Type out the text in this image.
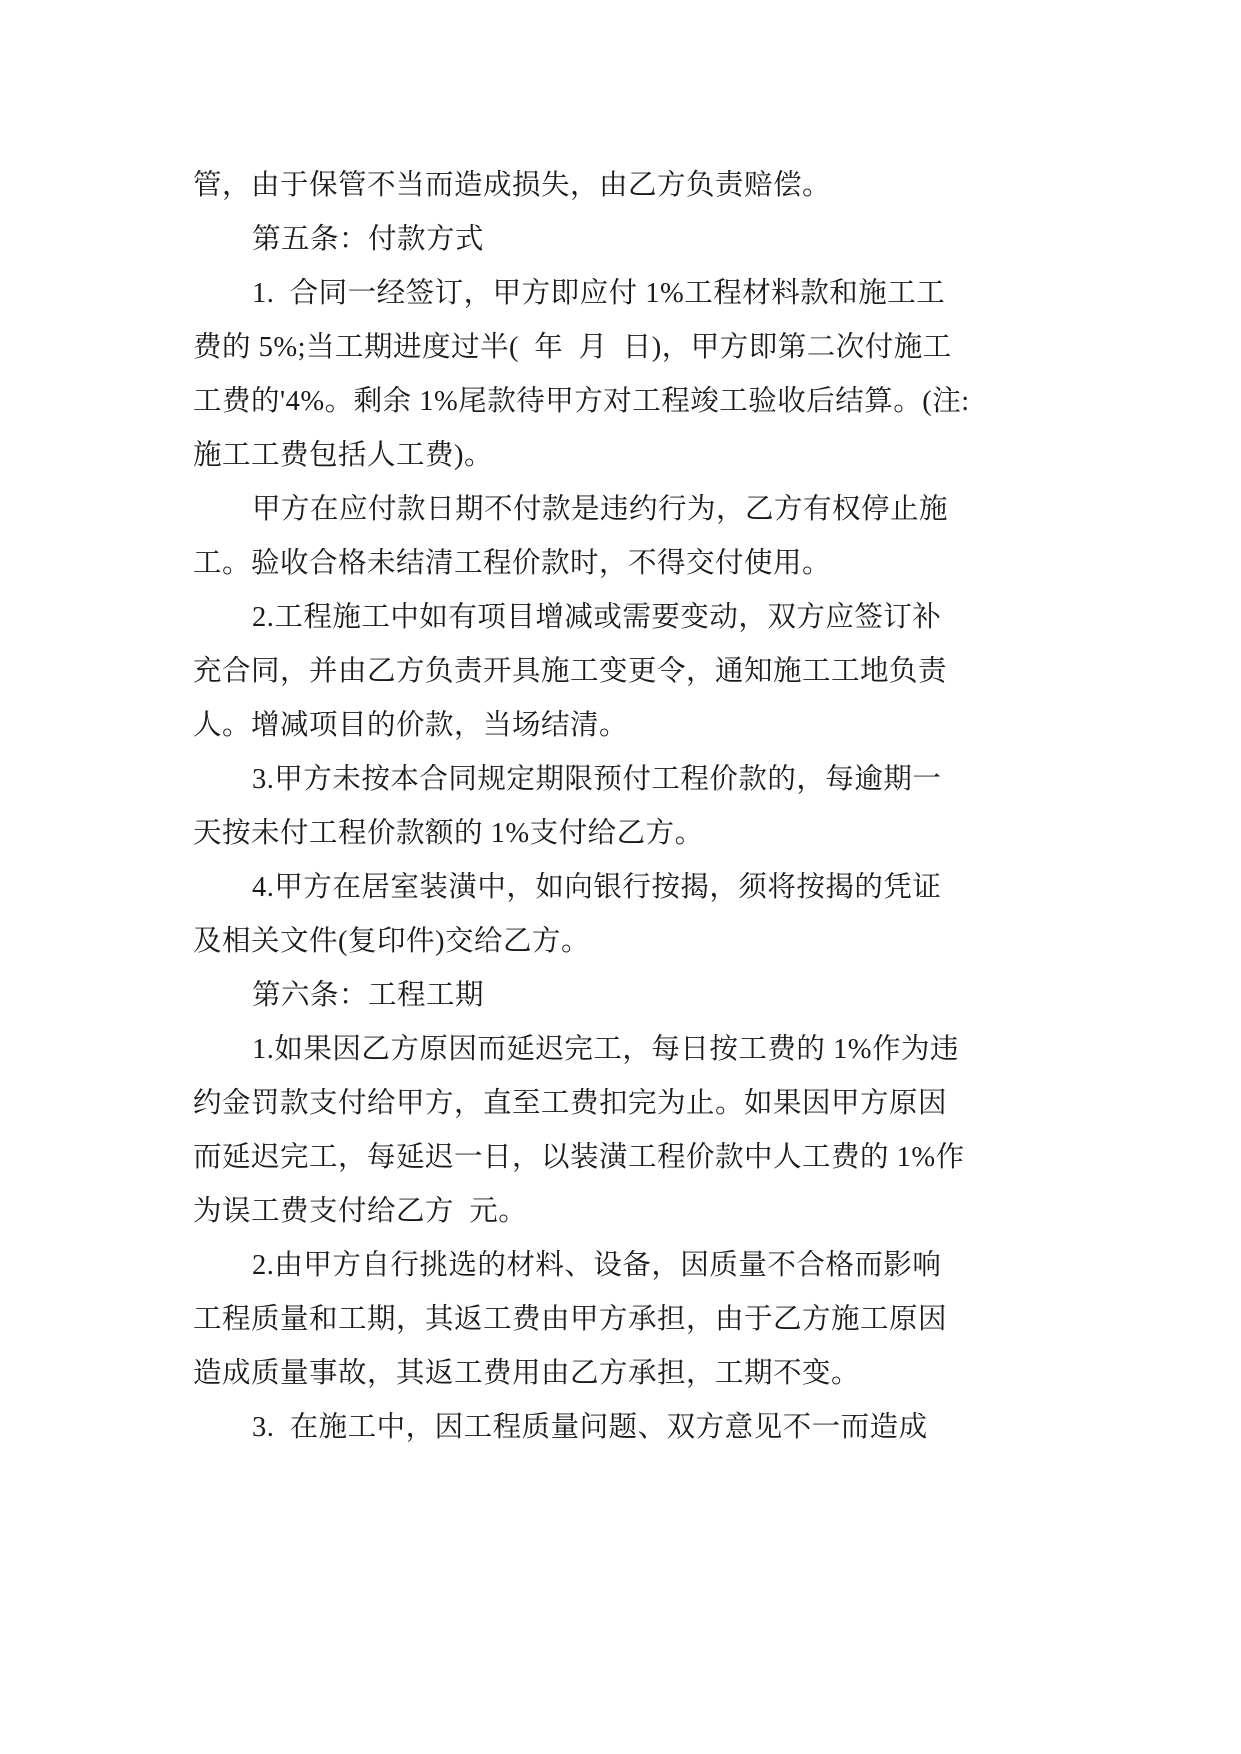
管，由于保管不当而造成损失，由乙方负责赔偿。

第五条：付款方式

1.  合同一经签订，甲方即应付 1%工程材料款和施工工

费的 5%;当工期进度过半(  年  月  日)，甲方即第二次付施工

工费的'4%。剩余 1%尾款待甲方对工程竣工验收后结算。(注:

施工工费包括人工费)。

甲方在应付款日期不付款是违约行为，乙方有权停止施

工。验收合格未结清工程价款时，不得交付使用。

2.工程施工中如有项目增减或需要变动，双方应签订补

充合同，并由乙方负责开具施工变更令，通知施工工地负责

人。增减项目的价款，当场结清。

3.甲方未按本合同规定期限预付工程价款的，每逾期一

天按未付工程价款额的 1%支付给乙方。

4.甲方在居室装潢中，如向银行按揭，须将按揭的凭证

及相关文件(复印件)交给乙方。

第六条：工程工期

1.如果因乙方原因而延迟完工，每日按工费的 1%作为违

约金罚款支付给甲方，直至工费扣完为止。如果因甲方原因

而延迟完工，每延迟一日，以装潢工程价款中人工费的 1%作

为误工费支付给乙方  元。

2.由甲方自行挑选的材料、设备，因质量不合格而影响

工程质量和工期，其返工费由甲方承担，由于乙方施工原因

造成质量事故，其返工费用由乙方承担，工期不变。

3.  在施工中，因工程质量问题、双方意见不一而造成
